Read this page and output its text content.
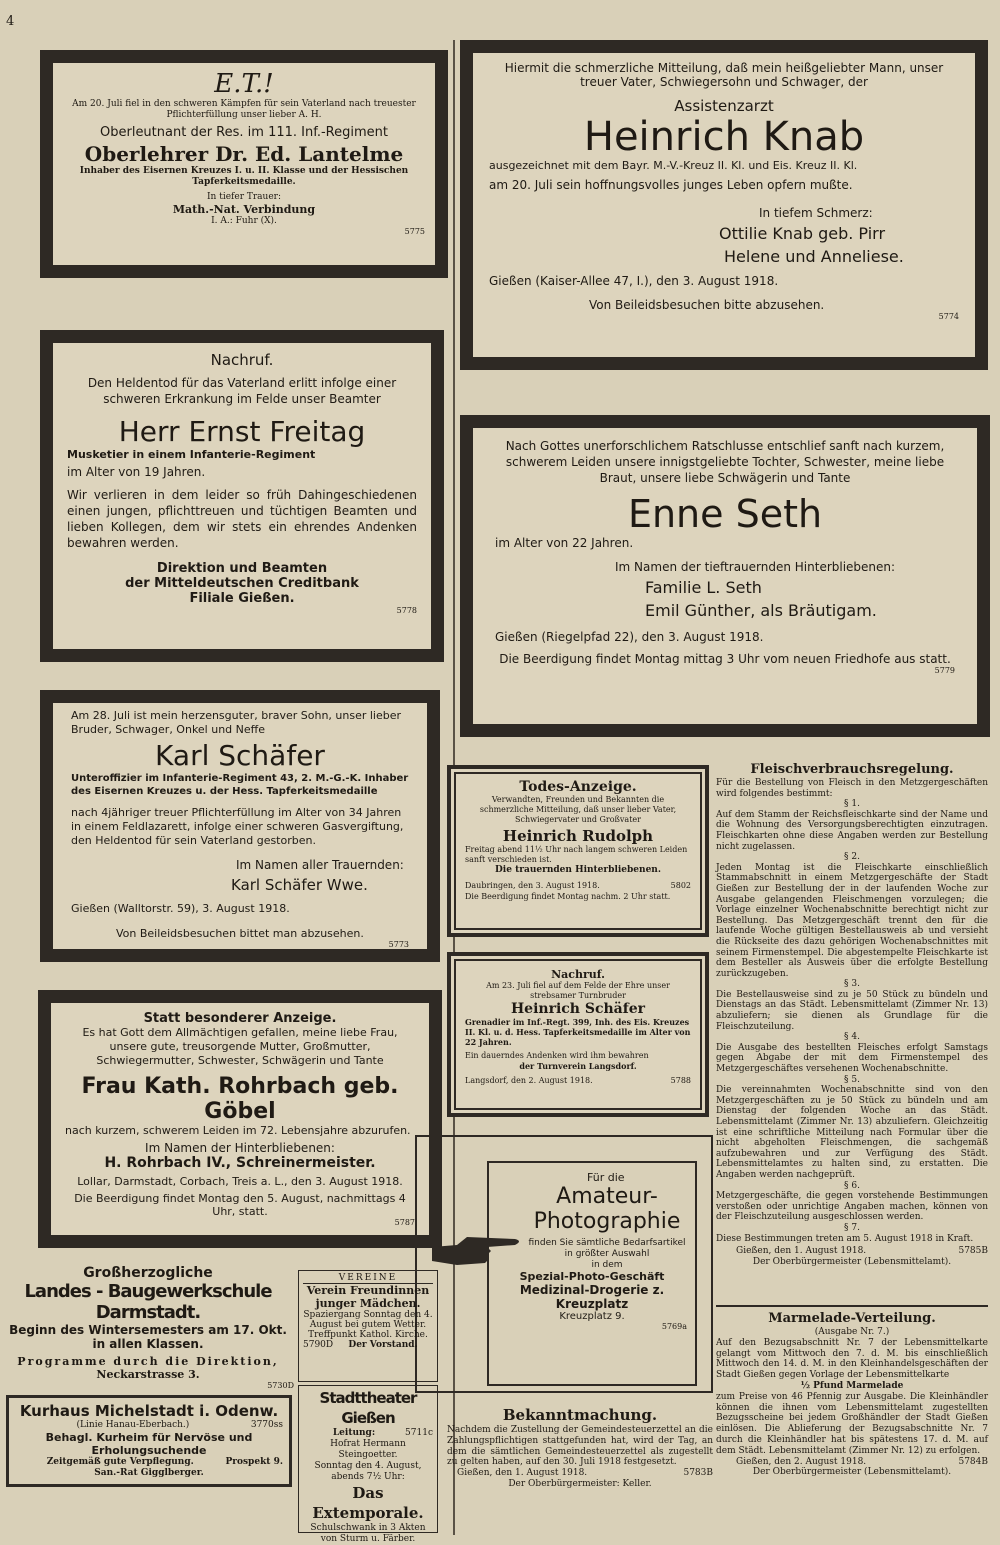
4
E.T.!

Am 20. Juli fiel in den schweren Kämpfen für sein Vaterland nach treuester Pflichterfüllung unser lieber A. H.

Oberleutnant der Res. im 111. Inf.-Regiment

Oberlehrer Dr. Ed. Lantelme

Inhaber des Eisernen Kreuzes I. u. II. Klasse und der Hessischen Tapferkeitsmedaille.

In tiefer Trauer:

Math.-Nat. Verbindung

I. A.: Fuhr (X).

5775

Hiermit die schmerzliche Mitteilung, daß mein heißgeliebter Mann, unser treuer Vater, Schwiegersohn und Schwager, der

Assistenzarzt

Heinrich Knab

ausgezeichnet mit dem Bayr. M.-V.-Kreuz II. Kl. und Eis. Kreuz II. Kl.

am 20. Juli sein hoffnungsvolles junges Leben opfern mußte.

In tiefem Schmerz:

Ottilie Knab geb. Pirr

Helene und Anneliese.

Gießen (Kaiser-Allee 47, I.), den 3. August 1918.

Von Beileidsbesuchen bitte abzusehen.

5774

Nachruf.

Den Heldentod für das Vaterland erlitt infolge einer schweren Erkrankung im Felde unser Beamter

Herr Ernst Freitag

Musketier in einem Infanterie-Regiment

im Alter von 19 Jahren.

Wir verlieren in dem leider so früh Dahingeschiedenen einen jungen, pflichttreuen und tüchtigen Beamten und lieben Kollegen, dem wir stets ein ehrendes Andenken bewahren werden.

Direktion und Beamten

der Mitteldeutschen Creditbank

Filiale Gießen.

5778

Nach Gottes unerforschlichem Ratschlusse entschlief sanft nach kurzem, schwerem Leiden unsere innigstgeliebte Tochter, Schwester, meine liebe Braut, unsere liebe Schwägerin und Tante

Enne Seth

im Alter von 22 Jahren.

Im Namen der tieftrauernden Hinterbliebenen:

Familie L. Seth

Emil Günther, als Bräutigam.

Gießen (Riegelpfad 22), den 3. August 1918.

Die Beerdigung findet Montag mittag 3 Uhr vom neuen Friedhofe aus statt.

5779

Am 28. Juli ist mein herzensguter, braver Sohn, unser lieber Bruder, Schwager, Onkel und Neffe

Karl Schäfer

Unteroffizier im Infanterie-Regiment 43, 2. M.-G.-K. Inhaber des Eisernen Kreuzes u. der Hess. Tapferkeitsmedaille

nach 4jähriger treuer Pflichterfüllung im Alter von 34 Jahren in einem Feldlazarett, infolge einer schweren Gasvergiftung, den Heldentod für sein Vaterland gestorben.

Im Namen aller Trauernden:

Karl Schäfer Wwe.

Gießen (Walltorstr. 59), 3. August 1918.

Von Beileidsbesuchen bittet man abzusehen.

5773

Todes-Anzeige.

Verwandten, Freunden und Bekannten die schmerzliche Mitteilung, daß unser lieber Vater, Schwiegervater und Großvater

Heinrich Rudolph

Freitag abend 11½ Uhr nach langem schweren Leiden sanft verschieden ist.

Die trauernden Hinterbliebenen.

Daubringen, den 3. August 1918.	5802

Die Beerdigung findet Montag nachm. 2 Uhr statt.

Nachruf.

Am 23. Juli fiel auf dem Felde der Ehre unser strebsamer Turnbruder

Heinrich Schäfer

Grenadier im Inf.-Regt. 399, Inh. des Eis. Kreuzes II. Kl. u. d. Hess. Tapferkeitsmedaille im Alter von 22 Jahren.

Ein dauerndes Andenken wird ihm bewahren

der Turnverein Langsdorf.

Langsdorf, den 2. August 1918.	5788

Statt besonderer Anzeige.

Es hat Gott dem Allmächtigen gefallen, meine liebe Frau, unsere gute, treusorgende Mutter, Großmutter, Schwiegermutter, Schwester, Schwägerin und Tante

Frau Kath. Rohrbach geb. Göbel

nach kurzem, schwerem Leiden im 72. Lebensjahre abzurufen.

Im Namen der Hinterbliebenen:

H. Rohrbach IV., Schreinermeister.

Lollar, Darmstadt, Corbach, Treis a. L., den 3. August 1918.

Die Beerdigung findet Montag den 5. August, nachmittags 4 Uhr, statt.

5787

Fleischverbrauchsregelung.

Für die Bestellung von Fleisch in den Metzgergeschäften wird folgendes bestimmt:

§ 1.

Auf dem Stamm der Reichsfleischkarte sind der Name und die Wohnung des Versorgungsberechtigten einzutragen. Fleischkarten ohne diese Angaben werden zur Bestellung nicht zugelassen.

§ 2.

Jeden Montag ist die Fleischkarte einschließlich Stammabschnitt in einem Metzgergeschäfte der Stadt Gießen zur Bestellung der in der laufenden Woche zur Ausgabe gelangenden Fleischmengen vorzulegen; die Vorlage einzelner Wochenabschnitte berechtigt nicht zur Bestellung. Das Metzgergeschäft trennt den für die laufende Woche gültigen Bestellausweis ab und versieht die Rückseite des dazu gehörigen Wochenabschnittes mit seinem Firmenstempel. Die abgestempelte Fleischkarte ist dem Besteller als Ausweis über die erfolgte Bestellung zurückzugeben.

§ 3.

Die Bestellausweise sind zu je 50 Stück zu bündeln und Dienstags an das Städt. Lebensmittelamt (Zimmer Nr. 13) abzuliefern; sie dienen als Grundlage für die Fleischzuteilung.

§ 4.

Die Ausgabe des bestellten Fleisches erfolgt Samstags gegen Abgabe der mit dem Firmenstempel des Metzgergeschäftes versehenen Wochenabschnitte.

§ 5.

Die vereinnahmten Wochenabschnitte sind von den Metzgergeschäften zu je 50 Stück zu bündeln und am Dienstag der folgenden Woche an das Städt. Lebensmittelamt (Zimmer Nr. 13) abzuliefern. Gleichzeitig ist eine schriftliche Mitteilung nach Formular über die nicht abgeholten Fleischmengen, die sachgemäß aufzubewahren und zur Verfügung des Städt. Lebensmittelamtes zu halten sind, zu erstatten. Die Angaben werden nachgeprüft.

§ 6.

Metzgergeschäfte, die gegen vorstehende Bestimmungen verstoßen oder unrichtige Angaben machen, können von der Fleischzuteilung ausgeschlossen werden.

§ 7.

Diese Bestimmungen treten am 5. August 1918 in Kraft.

Gießen, den 1. August 1918.	5785B

Der Oberbürgermeister (Lebensmittelamt).

Marmelade-Verteilung.

(Ausgabe Nr. 7.)

Auf den Bezugsabschnitt Nr. 7 der Lebensmittelkarte gelangt vom Mittwoch den 7. d. M. bis einschließlich Mittwoch den 14. d. M. in den Kleinhandelsgeschäften der Stadt Gießen gegen Vorlage der Lebensmittelkarte

½ Pfund Marmelade

zum Preise von 46 Pfennig zur Ausgabe. Die Kleinhändler können die ihnen vom Lebensmittelamt zugestellten Bezugsscheine bei jedem Großhändler der Stadt Gießen einlösen. Die Ablieferung der Bezugsabschnitte Nr. 7 durch die Kleinhändler hat bis spätestens 17. d. M. auf dem Städt. Lebensmittelamt (Zimmer Nr. 12) zu erfolgen.

Gießen, den 2. August 1918.	5784B

Der Oberbürgermeister (Lebensmittelamt).

Für die

Amateur-

Photographie

finden Sie sämtliche Bedarfsartikel in größter Auswahl

in dem

Spezial-Photo-Geschäft

Medizinal-Drogerie z. Kreuzplatz

Kreuzplatz 9.

5769a

Großherzogliche

Landes - Baugewerkschule Darmstadt.

Beginn des Wintersemesters am 17. Okt. in allen Klassen.

Programme durch die Direktion,

Neckarstrasse 3.

5730D

VEREINE

Verein Freundinnen junger Mädchen.

Spaziergang Sonntag den 4. August bei gutem Wetter. Treffpunkt Kathol. Kirche.

5790D Der Vorstand.

Stadttheater Gießen

Leitung:	5711c

Hofrat Hermann Steingoetter.

Sonntag den 4. August, abends 7½ Uhr:

Das Extemporale.

Schulschwank in 3 Akten von Sturm u. Färber.

Kurhaus Michelstadt i. Odenw.

(Linie Hanau-Eberbach.)	3770ss

Behagl. Kurheim für Nervöse und Erholungsuchende

Zeitgemäß gute Verpflegung.	Prospekt 9.

San.-Rat Gigglberger.

Bekanntmachung.

Nachdem die Zustellung der Gemeindesteuerzettel an die Zahlungspflichtigen stattgefunden hat, wird der Tag, an dem die sämtlichen Gemeindesteuerzettel als zugestellt zu gelten haben, auf den 30. Juli 1918 festgesetzt.

Gießen, den 1. August 1918.	5783B

Der Oberbürgermeister: Keller.
